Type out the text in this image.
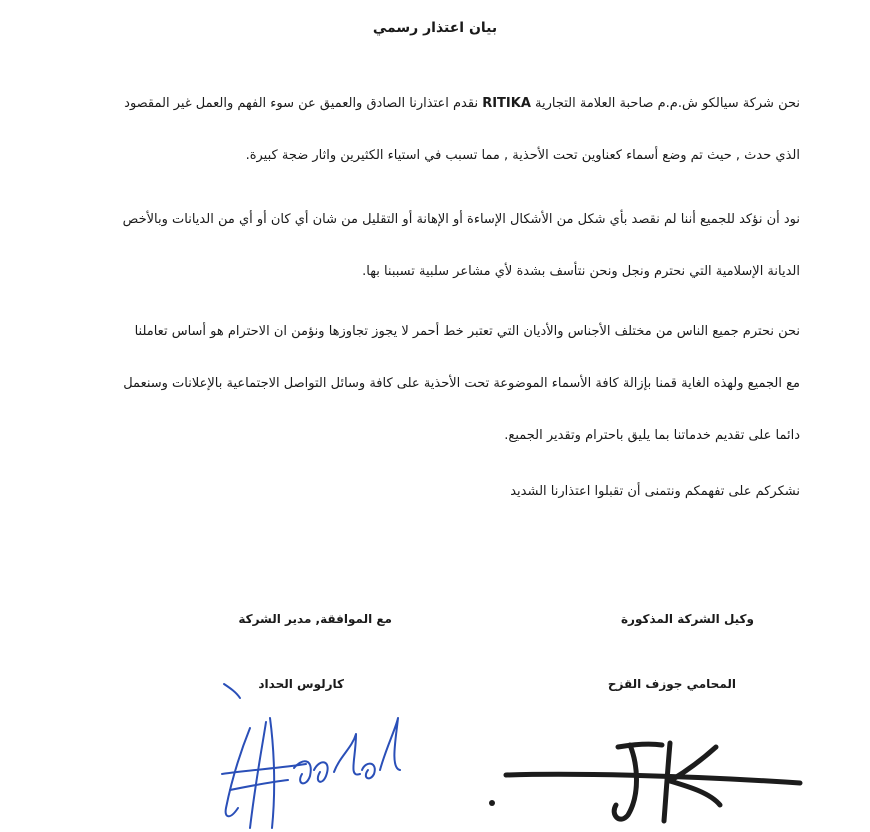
بيان اعتذار رسمي
نحن شركة سيالكو ش.م.م صاحبة العلامة التجارية RITIKA نقدم اعتذارنا الصادق والعميق عن سوء الفهم والعمل غير المقصود
الذي حدث , حيث تم وضع أسماء كعناوين تحت الأحذية , مما تسبب في استياء الكثيرين واثار ضجة كبيرة.
نود أن نؤكد للجميع أننا لم نقصد بأي شكل من الأشكال الإساءة أو الإهانة أو التقليل من شان أي كان أو أي من الديانات وبالأخص
الديانة الإسلامية التي نحترم ونجل ونحن نتأسف بشدة لأي مشاعر سلبية تسببنا بها.
نحن نحترم جميع الناس من مختلف الأجناس والأديان التي تعتبر خط أحمر لا يجوز تجاوزها ونؤمن ان الاحترام هو أساس تعاملنا
مع الجميع ولهذه الغاية قمنا بإزالة كافة الأسماء الموضوعة تحت الأحذية على كافة وسائل التواصل الاجتماعية بالإعلانات وسنعمل
دائما على تقديم خدماتنا بما يليق باحترام وتقدير الجميع.
نشكركم على تفهمكم ونتمنى أن تقبلوا اعتذارنا الشديد
وكيل الشركة المذكورة
المحامي جوزف القزح
مع الموافقة, مدير الشركة
كارلوس الحداد
